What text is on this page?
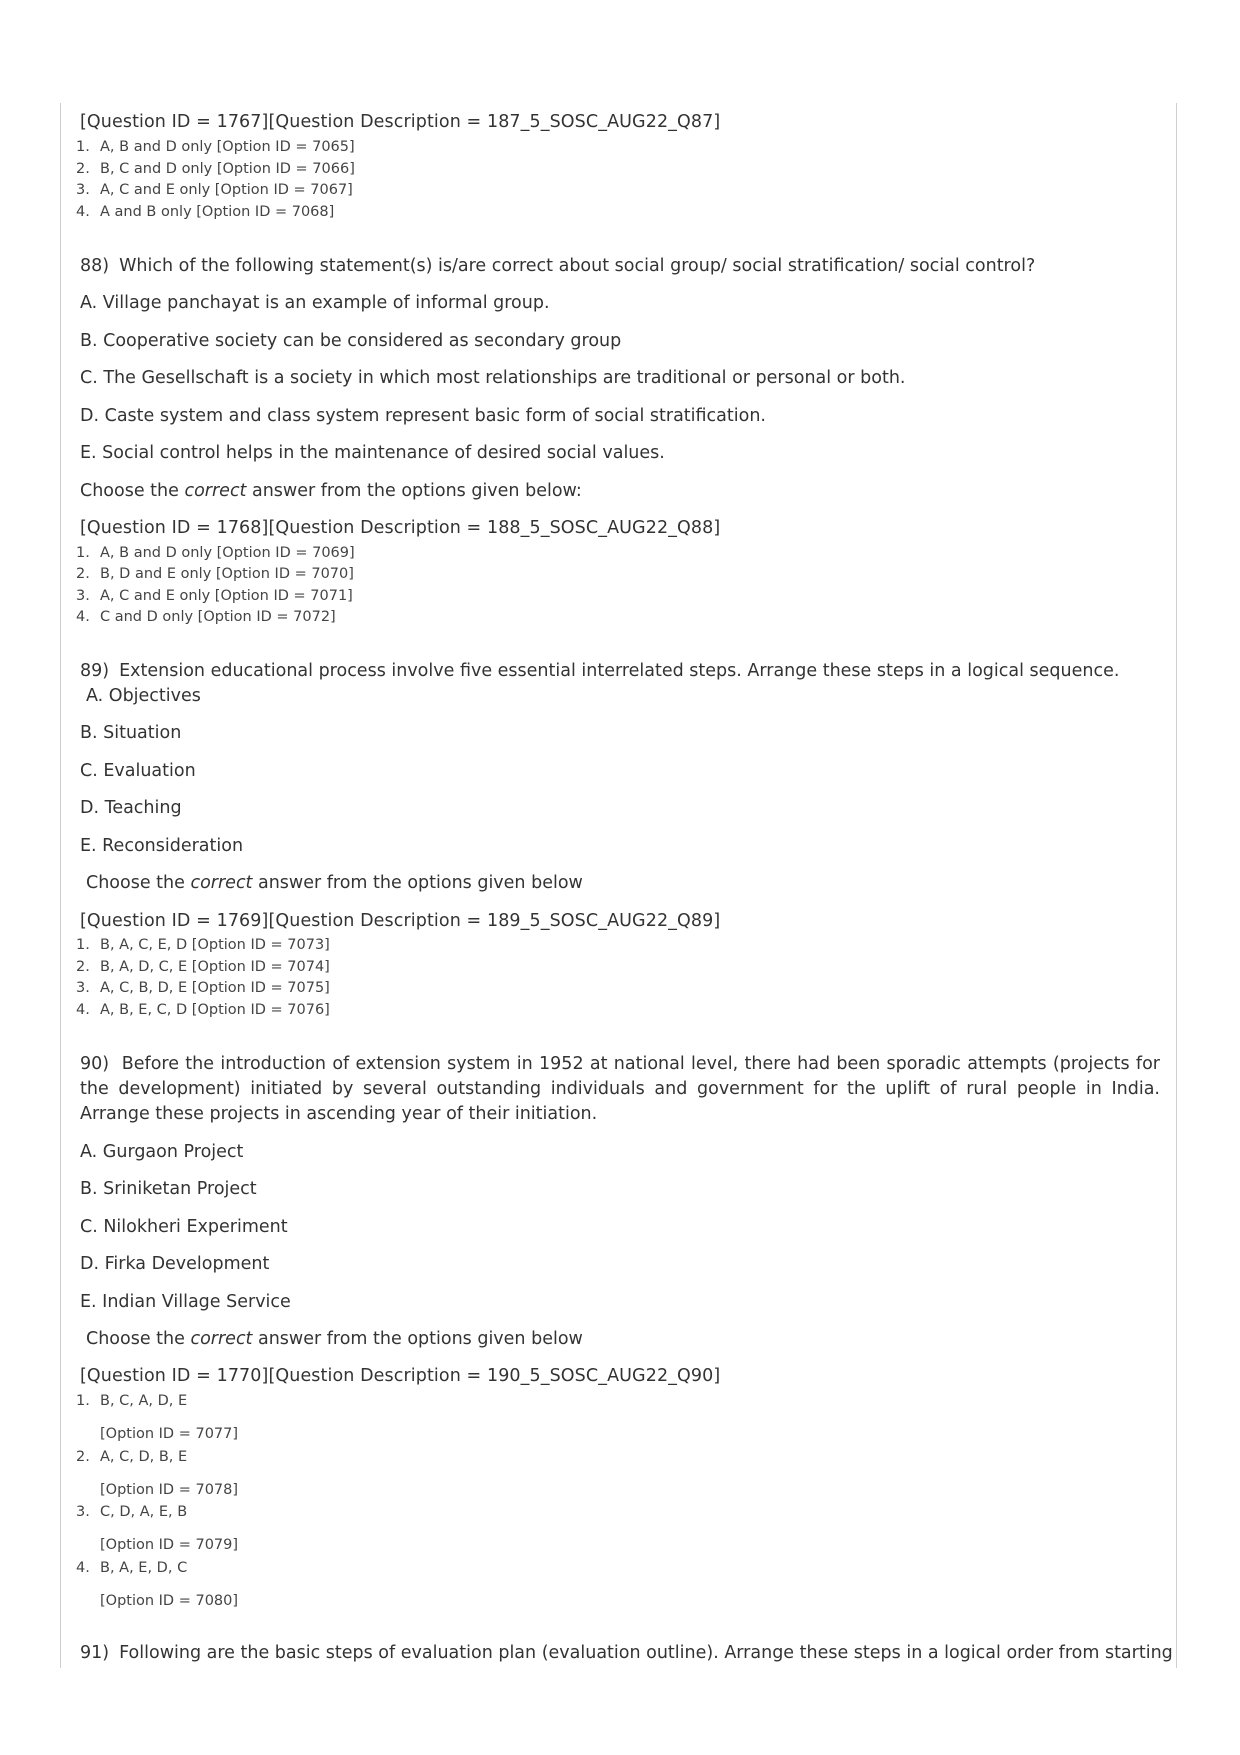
[Question ID = 1767][Question Description = 187_5_SOSC_AUG22_Q87]
1. A, B and D only [Option ID = 7065]
2. B, C and D only [Option ID = 7066]
3. A, C and E only [Option ID = 7067]
4. A and B only [Option ID = 7068]
88) Which of the following statement(s) is/are correct about social group/ social stratification/ social control?
A. Village panchayat is an example of informal group.
B. Cooperative society can be considered as secondary group
C. The Gesellschaft is a society in which most relationships are traditional or personal or both.
D. Caste system and class system represent basic form of social stratification.
E. Social control helps in the maintenance of desired social values.
Choose the correct answer from the options given below:
[Question ID = 1768][Question Description = 188_5_SOSC_AUG22_Q88]
1. A, B and D only [Option ID = 7069]
2. B, D and E only [Option ID = 7070]
3. A, C and E only [Option ID = 7071]
4. C and D only [Option ID = 7072]
89) Extension educational process involve five essential interrelated steps. Arrange these steps in a logical sequence.
A. Objectives
B. Situation
C. Evaluation
D. Teaching
E. Reconsideration
Choose the correct answer from the options given below
[Question ID = 1769][Question Description = 189_5_SOSC_AUG22_Q89]
1. B, A, C, E, D [Option ID = 7073]
2. B, A, D, C, E [Option ID = 7074]
3. A, C, B, D, E [Option ID = 7075]
4. A, B, E, C, D [Option ID = 7076]
90) Before the introduction of extension system in 1952 at national level, there had been sporadic attempts (projects for the development) initiated by several outstanding individuals and government for the uplift of rural people in India. Arrange these projects in ascending year of their initiation.
A. Gurgaon Project
B. Sriniketan Project
C. Nilokheri Experiment
D. Firka Development
E. Indian Village Service
Choose the correct answer from the options given below
[Question ID = 1770][Question Description = 190_5_SOSC_AUG22_Q90]
1. B, C, A, D, E
[Option ID = 7077]
2. A, C, D, B, E
[Option ID = 7078]
3. C, D, A, E, B
[Option ID = 7079]
4. B, A, E, D, C
[Option ID = 7080]
91) Following are the basic steps of evaluation plan (evaluation outline). Arrange these steps in a logical order from starting
